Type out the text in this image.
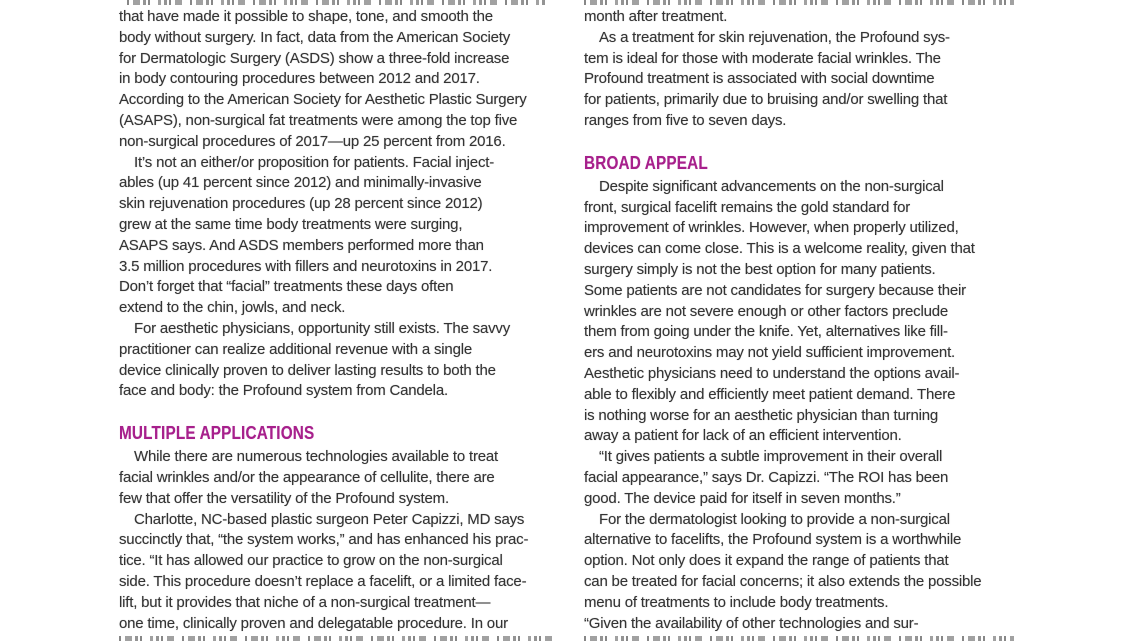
that have made it possible to shape, tone, and smooth the
body without surgery. In fact, data from the American Society
for Dermatologic Surgery (ASDS) show a three-fold increase
in body contouring procedures between 2012 and 2017.
According to the American Society for Aesthetic Plastic Surgery
(ASAPS), non-surgical fat treatments were among the top five
non-surgical procedures of 2017—up 25 percent from 2016.
It’s not an either/or proposition for patients. Facial inject-
ables (up 41 percent since 2012) and minimally-invasive
skin rejuvenation procedures (up 28 percent since 2012)
grew at the same time body treatments were surging,
ASAPS says. And ASDS members performed more than
3.5 million procedures with fillers and neurotoxins in 2017.
Don’t forget that “facial” treatments these days often
extend to the chin, jowls, and neck.
For aesthetic physicians, opportunity still exists. The savvy
practitioner can realize additional revenue with a single
device clinically proven to deliver lasting results to both the
face and body: the Profound system from Candela.
MULTIPLE APPLICATIONS
While there are numerous technologies available to treat
facial wrinkles and/or the appearance of cellulite, there are
few that offer the versatility of the Profound system.
Charlotte, NC-based plastic surgeon Peter Capizzi, MD says
succinctly that, “the system works,” and has enhanced his prac-
tice. “It has allowed our practice to grow on the non-surgical
side. This procedure doesn’t replace a facelift, or a limited face-
lift, but it provides that niche of a non-surgical treatment—
one time, clinically proven and delegatable procedure. In our
month after treatment.
As a treatment for skin rejuvenation, the Profound sys-
tem is ideal for those with moderate facial wrinkles. The
Profound treatment is associated with social downtime
for patients, primarily due to bruising and/or swelling that
ranges from five to seven days.
BROAD APPEAL
Despite significant advancements on the non-surgical
front, surgical facelift remains the gold standard for
improvement of wrinkles. However, when properly utilized,
devices can come close. This is a welcome reality, given that
surgery simply is not the best option for many patients.
Some patients are not candidates for surgery because their
wrinkles are not severe enough or other factors preclude
them from going under the knife. Yet, alternatives like fill-
ers and neurotoxins may not yield sufficient improvement.
Aesthetic physicians need to understand the options avail-
able to flexibly and efficiently meet patient demand. There
is nothing worse for an aesthetic physician than turning
away a patient for lack of an efficient intervention.
“It gives patients a subtle improvement in their overall
facial appearance,” says Dr. Capizzi. “The ROI has been
good. The device paid for itself in seven months.”
For the dermatologist looking to provide a non-surgical
alternative to facelifts, the Profound system is a worthwhile
option. Not only does it expand the range of patients that
can be treated for facial concerns; it also extends the possible
menu of treatments to include body treatments.
“Given the availability of other technologies and sur-
